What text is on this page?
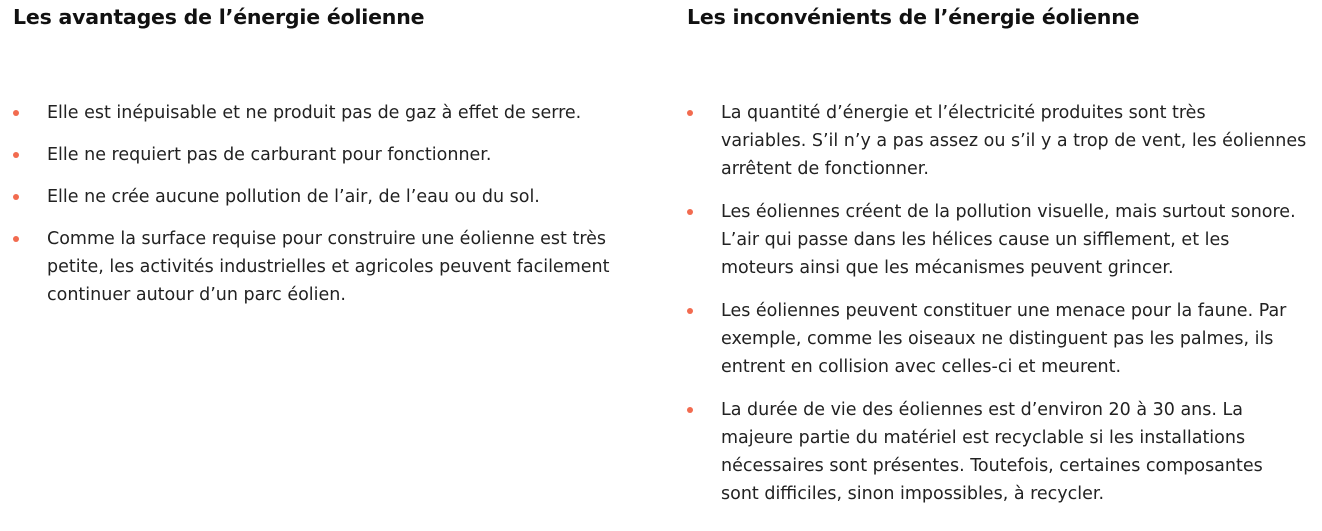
Les avantages de l’énergie éolienne
Elle est inépuisable et ne produit pas de gaz à effet de serre.
Elle ne requiert pas de carburant pour fonctionner.
Elle ne crée aucune pollution de l’air, de l’eau ou du sol.
Comme la surface requise pour construire une éolienne est très
petite, les activités industrielles et agricoles peuvent facilement
continuer autour d’un parc éolien.
Les inconvénients de l’énergie éolienne
La quantité d’énergie et l’électricité produites sont très
variables. S’il n’y a pas assez ou s’il y a trop de vent, les éoliennes
arrêtent de fonctionner.
Les éoliennes créent de la pollution visuelle, mais surtout sonore.
L’air qui passe dans les hélices cause un sifflement, et les
moteurs ainsi que les mécanismes peuvent grincer.
Les éoliennes peuvent constituer une menace pour la faune. Par
exemple, comme les oiseaux ne distinguent pas les palmes, ils
entrent en collision avec celles-ci et meurent.
La durée de vie des éoliennes est d’environ 20 à 30 ans. La
majeure partie du matériel est recyclable si les installations
nécessaires sont présentes. Toutefois, certaines composantes
sont difficiles, sinon impossibles, à recycler.
